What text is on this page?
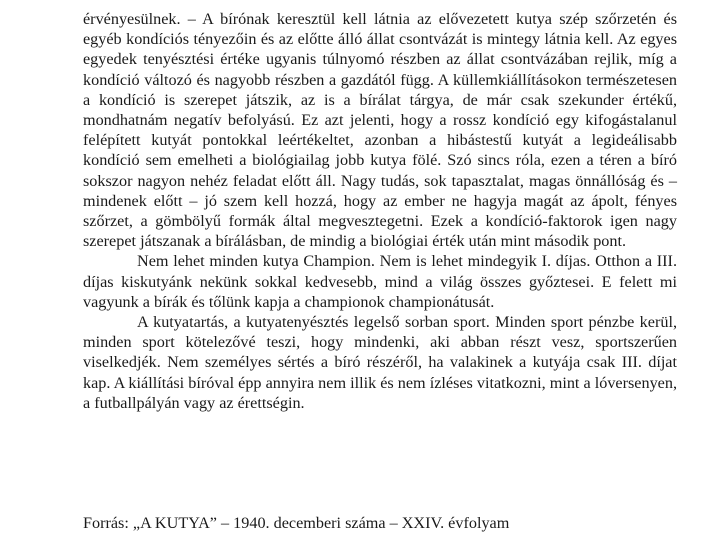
érvényesülnek. – A bírónak keresztül kell látnia az elővezetett kutya szép szőrzetén és egyéb kondíciós tényezőin és az előtte álló állat csontvázát is mintegy látnia kell. Az egyes egyedek tenyésztési értéke ugyanis túlnyomó részben az állat csontvázában rejlik, míg a kondíció változó és nagyobb részben a gazdától függ. A küllemkiállításokon természetesen a kondíció is szerepet játszik, az is a bírálat tárgya, de már csak szekunder értékű, mondhatnám negatív befolyású. Ez azt jelenti, hogy a rossz kondíció egy kifogástalanul felépített kutyát pontokkal leértékeltet, azonban a hibástestű kutyát a legideálisabb kondíció sem emelheti a biológiailag jobb kutya fölé. Szó sincs róla, ezen a téren a bíró sokszor nagyon nehéz feladat előtt áll. Nagy tudás, sok tapasztalat, magas önnállóság és – mindenek előtt – jó szem kell hozzá, hogy az ember ne hagyja magát az ápolt, fényes szőrzet, a gömbölyű formák által megvesztegetni. Ezek a kondíció-faktorok igen nagy szerepet játszanak a bírálásban, de mindig a biológiai érték után mint második pont.

Nem lehet minden kutya Champion. Nem is lehet mindegyik I. díjas. Otthon a III. díjas kiskutyánk nekünk sokkal kedvesebb, mind a világ összes győztesei. E felett mi vagyunk a bírák és tőlünk kapja a championok championátusát.

A kutyatartás, a kutyatenyésztés legelső sorban sport. Minden sport pénzbe kerül, minden sport kötelezővé teszi, hogy mindenki, aki abban részt vesz, sportszerűen viselkedjék. Nem személyes sértés a bíró részéről, ha valakinek a kutyája csak III. díjat kap. A kiállítási bíróval épp annyira nem illik és nem ízléses vitatkozni, mint a lóversenyen, a futballpályán vagy az érettségin.

Forrás: „A KUTYA” – 1940. decemberi száma – XXIV. évfolyam
